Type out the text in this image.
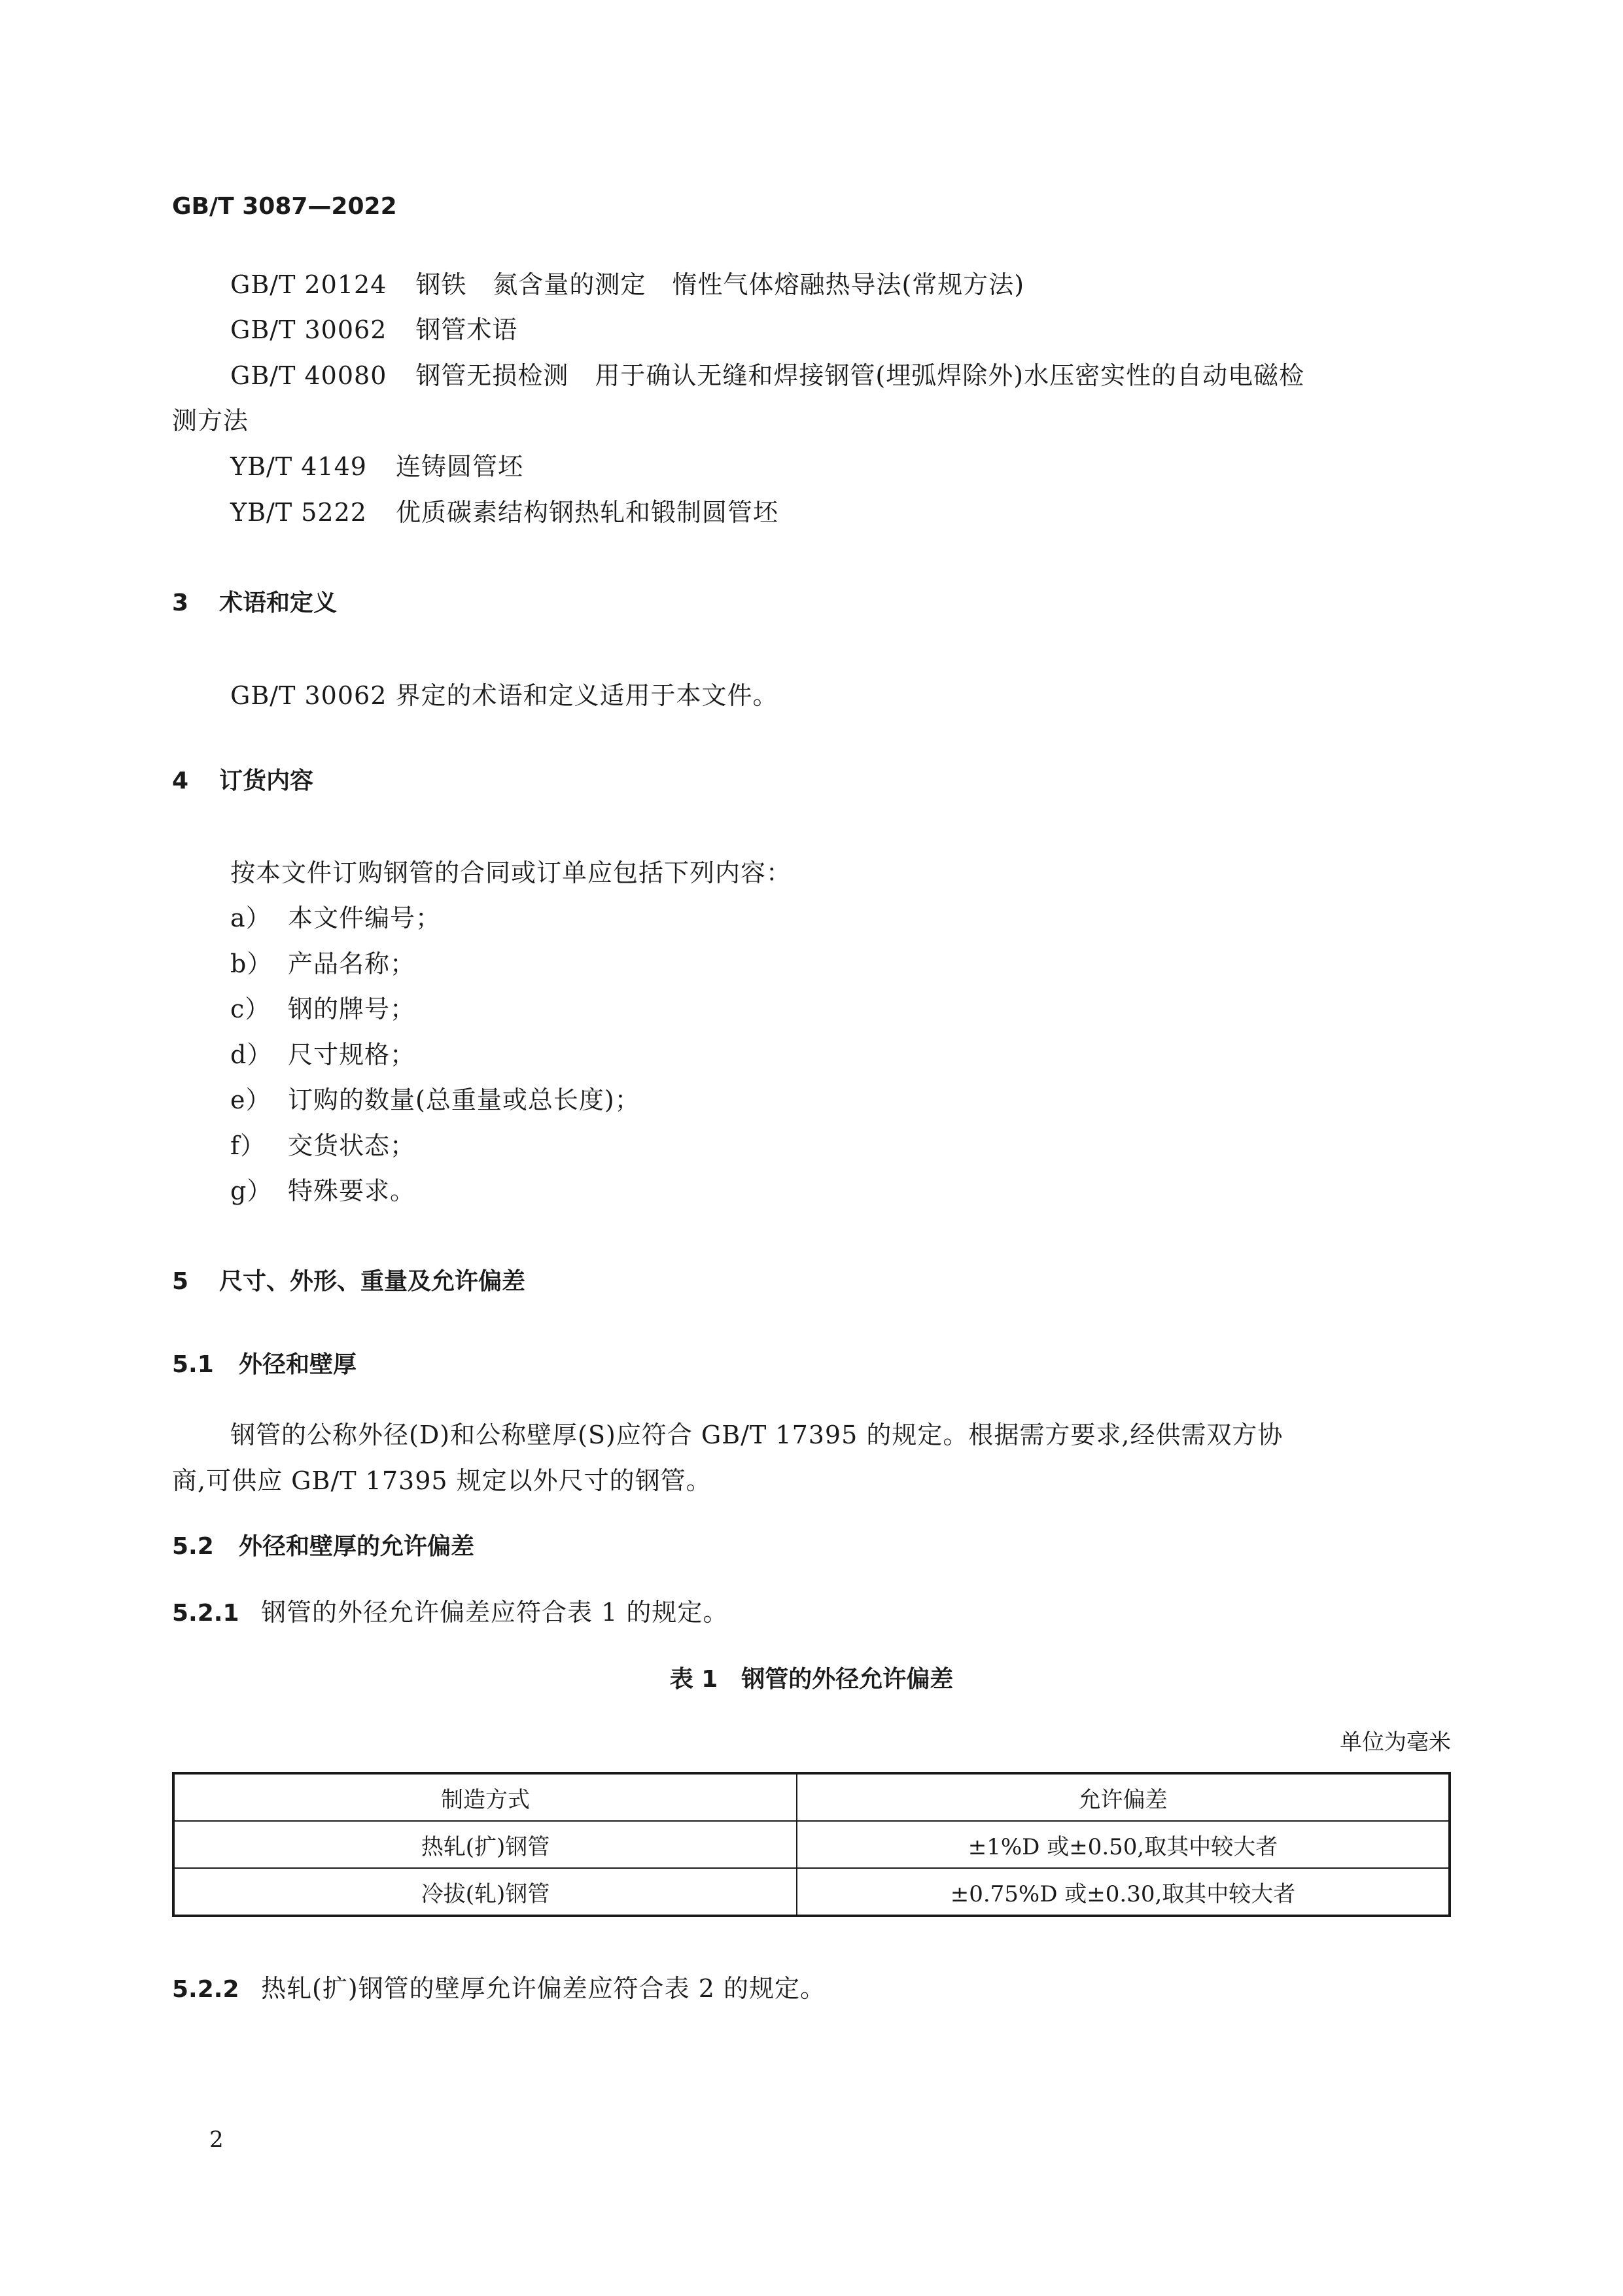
GB/T 3087—2022
GB/T 20124 钢铁 氮含量的测定 惰性气体熔融热导法(常规方法)
GB/T 30062 钢管术语
GB/T 40080 钢管无损检测 用于确认无缝和焊接钢管(埋弧焊除外)水压密实性的自动电磁检
测方法
YB/T 4149 连铸圆管坯
YB/T 5222 优质碳素结构钢热轧和锻制圆管坯
3 术语和定义
GB/T 30062 界定的术语和定义适用于本文件。
4 订货内容
按本文件订购钢管的合同或订单应包括下列内容：
a） 本文件编号；
b） 产品名称；
c） 钢的牌号；
d） 尺寸规格；
e） 订购的数量(总重量或总长度)；
f） 交货状态；
g） 特殊要求。
5 尺寸、外形、重量及允许偏差
5.1 外径和壁厚
钢管的公称外径(D)和公称壁厚(S)应符合 GB/T 17395 的规定。根据需方要求,经供需双方协
商,可供应 GB/T 17395 规定以外尺寸的钢管。
5.2 外径和壁厚的允许偏差
5.2.1 钢管的外径允许偏差应符合表 1 的规定。
表 1　钢管的外径允许偏差
单位为毫米
制造方式	允许偏差
热轧(扩)钢管	±1%D 或±0.50,取其中较大者
冷拔(轧)钢管	±0.75%D 或±0.30,取其中较大者
5.2.2 热轧(扩)钢管的壁厚允许偏差应符合表 2 的规定。
2
